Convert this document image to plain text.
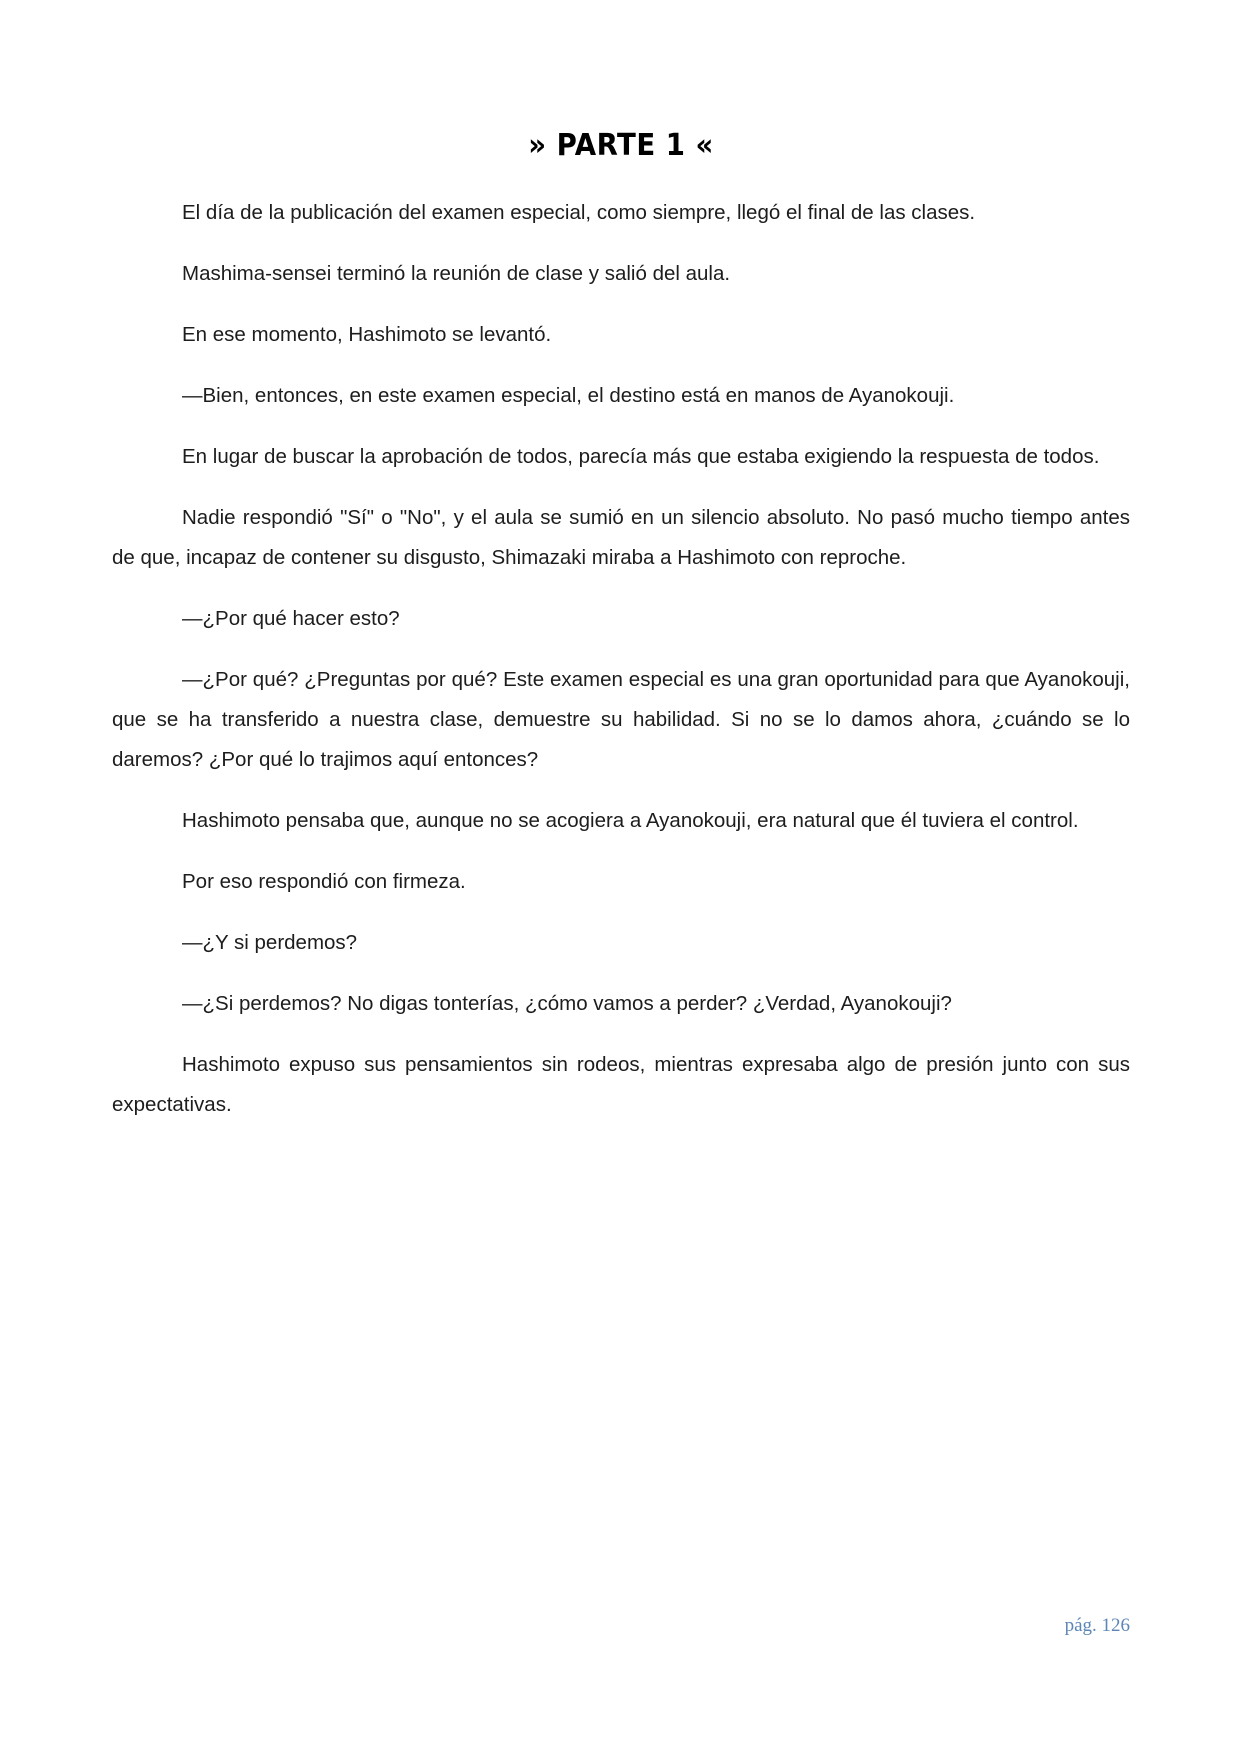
» PARTE 1 «

El día de la publicación del examen especial, como siempre, llegó el final de las clases.

Mashima-sensei terminó la reunión de clase y salió del aula.

En ese momento, Hashimoto se levantó.

—Bien, entonces, en este examen especial, el destino está en manos de Ayanokouji.

En lugar de buscar la aprobación de todos, parecía más que estaba exigiendo la respuesta de todos.

Nadie respondió "Sí" o "No", y el aula se sumió en un silencio absoluto. No pasó mucho tiempo antes de que, incapaz de contener su disgusto, Shimazaki miraba a Hashimoto con reproche.

—¿Por qué hacer esto?

—¿Por qué? ¿Preguntas por qué? Este examen especial es una gran oportunidad para que Ayanokouji, que se ha transferido a nuestra clase, demuestre su habilidad. Si no se lo damos ahora, ¿cuándo se lo daremos? ¿Por qué lo trajimos aquí entonces?

Hashimoto pensaba que, aunque no se acogiera a Ayanokouji, era natural que él tuviera el control.

Por eso respondió con firmeza.

—¿Y si perdemos?

—¿Si perdemos? No digas tonterías, ¿cómo vamos a perder? ¿Verdad, Ayanokouji?

Hashimoto expuso sus pensamientos sin rodeos, mientras expresaba algo de presión junto con sus expectativas.

pág. 126
